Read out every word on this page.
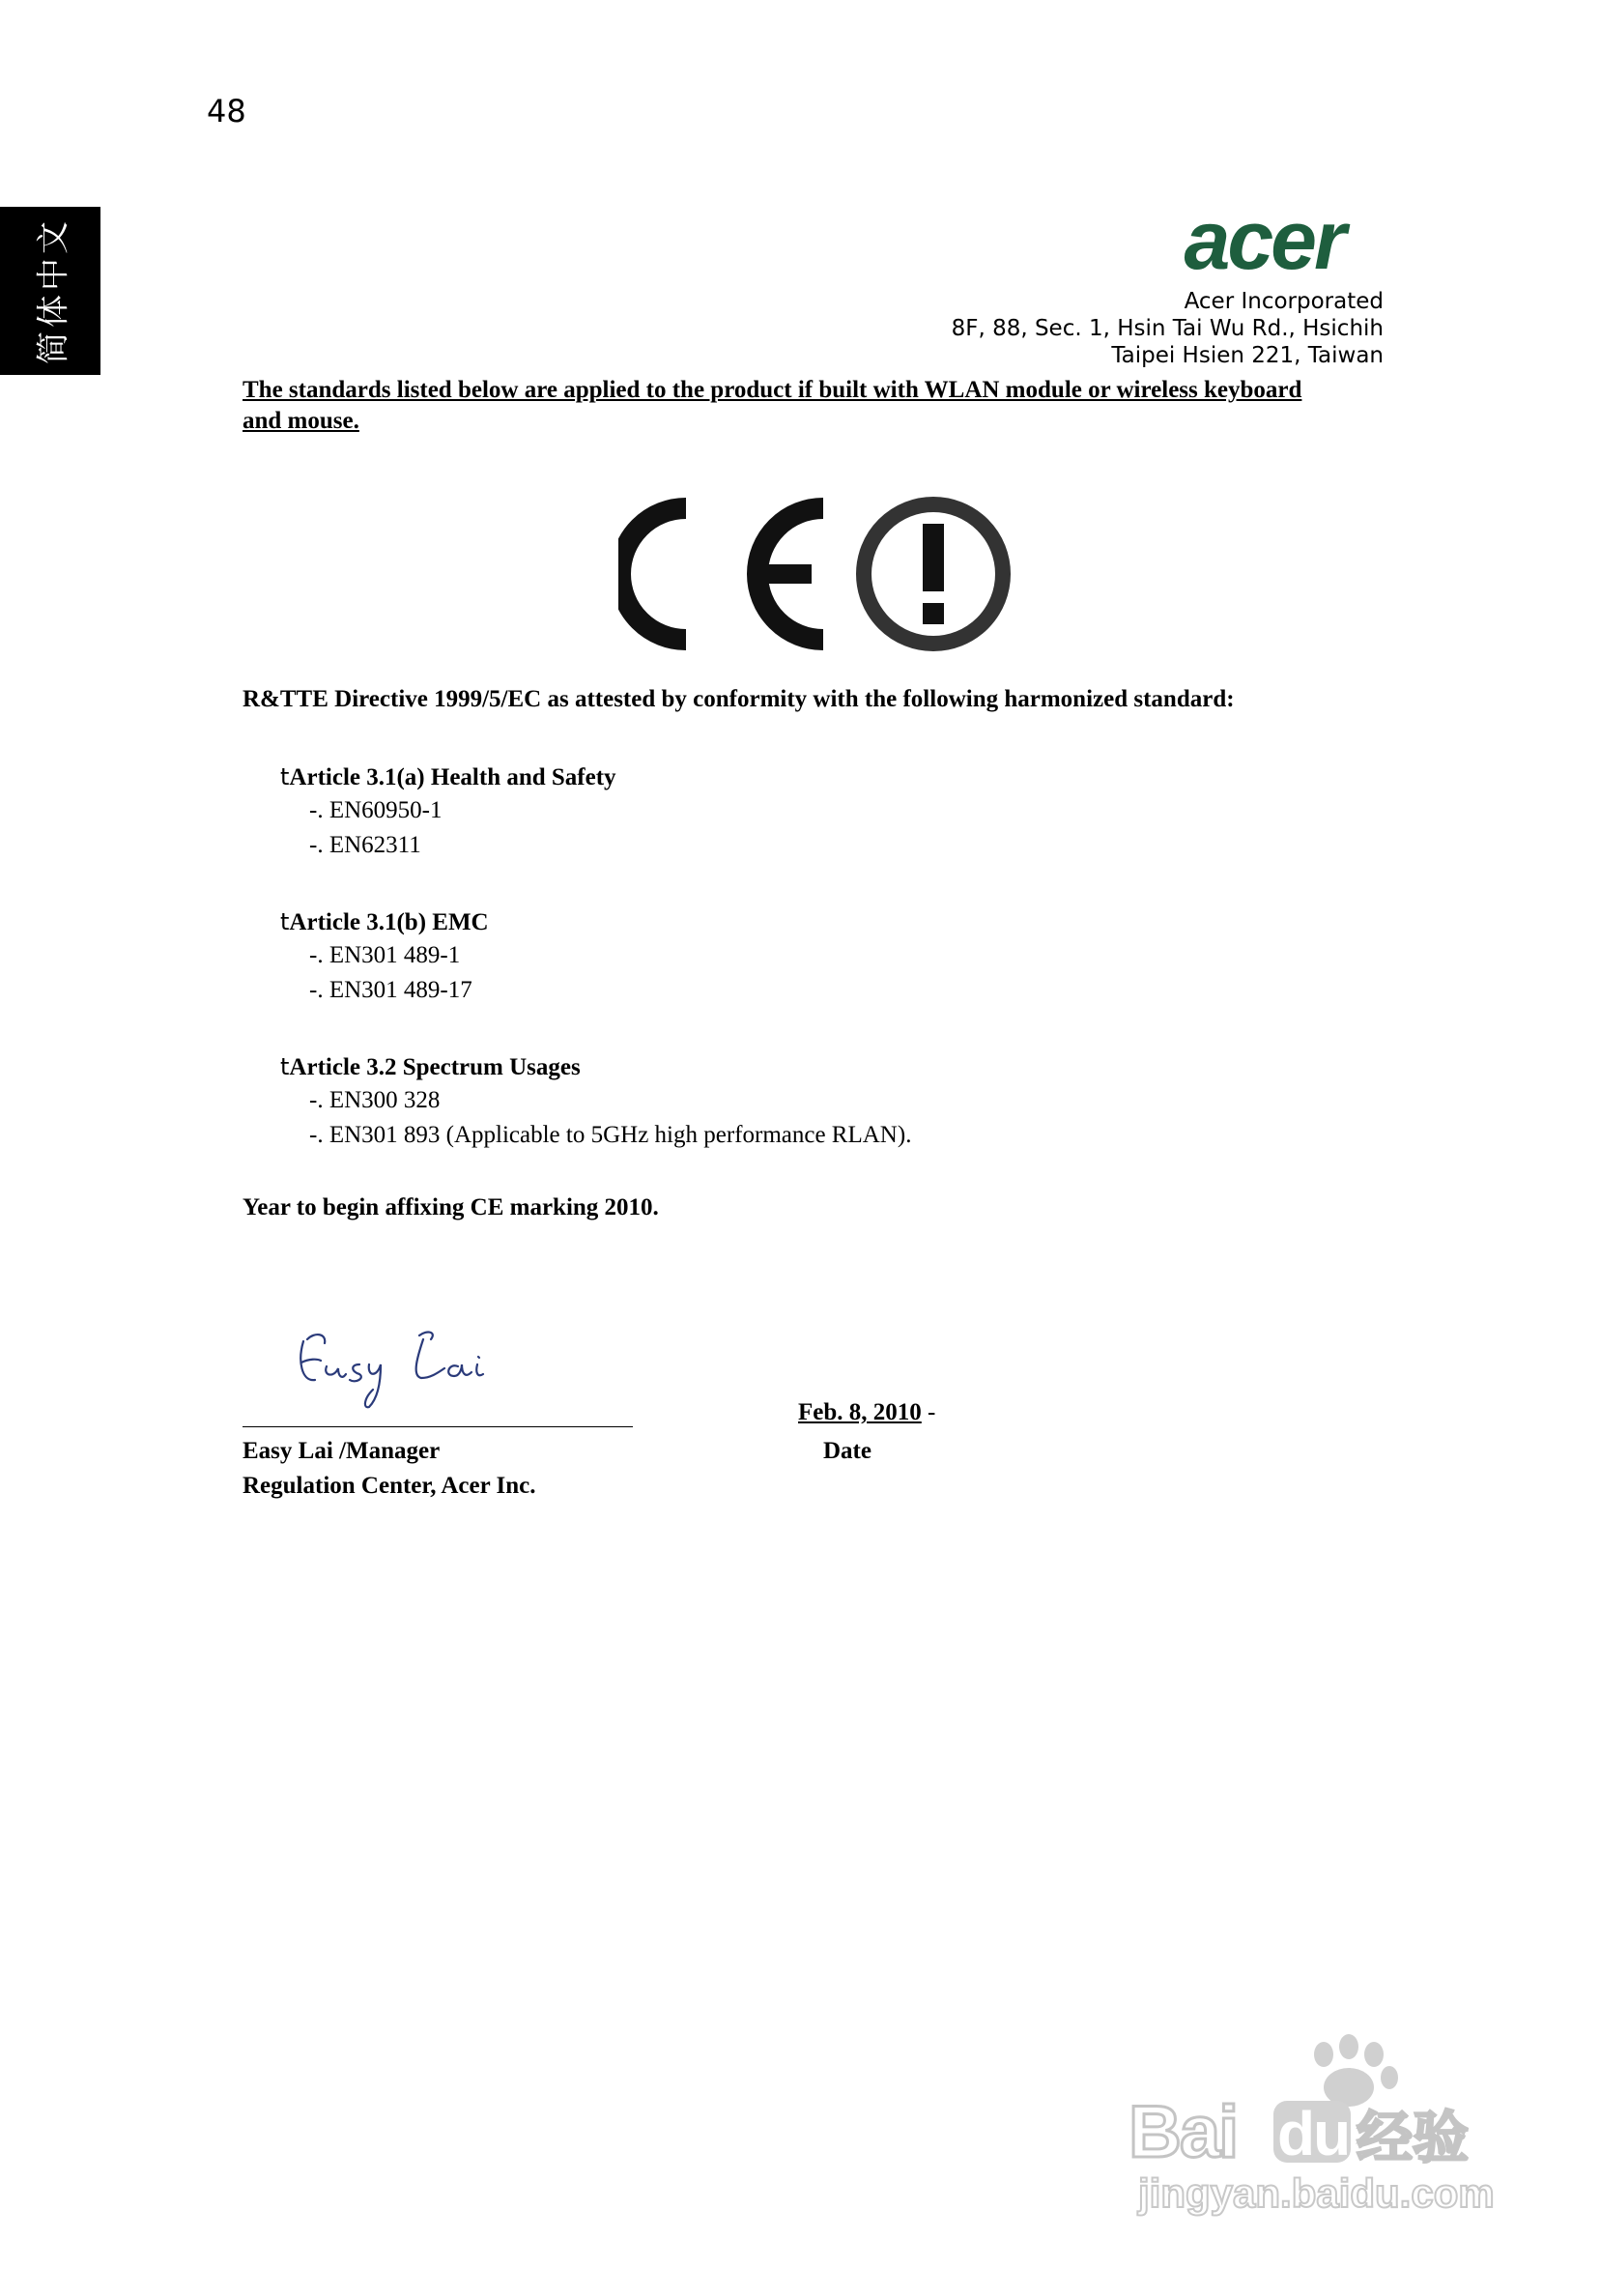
48
简体中文	acer
Acer Incorporated
8F, 88, Sec. 1, Hsin Tai Wu Rd., Hsichih
Taipei Hsien 221, Taiwan
The standards listed below are applied to the product if built with WLAN module or wireless keyboard and mouse.
R&TTE Directive 1999/5/EC as attested by conformity with the following harmonized standard:
tArticle 3.1(a) Health and Safety
-. EN60950-1
-. EN62311
tArticle 3.1(b) EMC
-. EN301 489-1
-. EN301 489-17
tArticle 3.2 Spectrum Usages
-. EN300 328
-. EN301 893 (Applicable to 5GHz high performance RLAN).
Year to begin affixing CE marking 2010.
Easy Lai /Manager
Regulation Center, Acer Inc.
Feb. 8, 2010 -
Date
Bai du 经验
jingyan.baidu.com
